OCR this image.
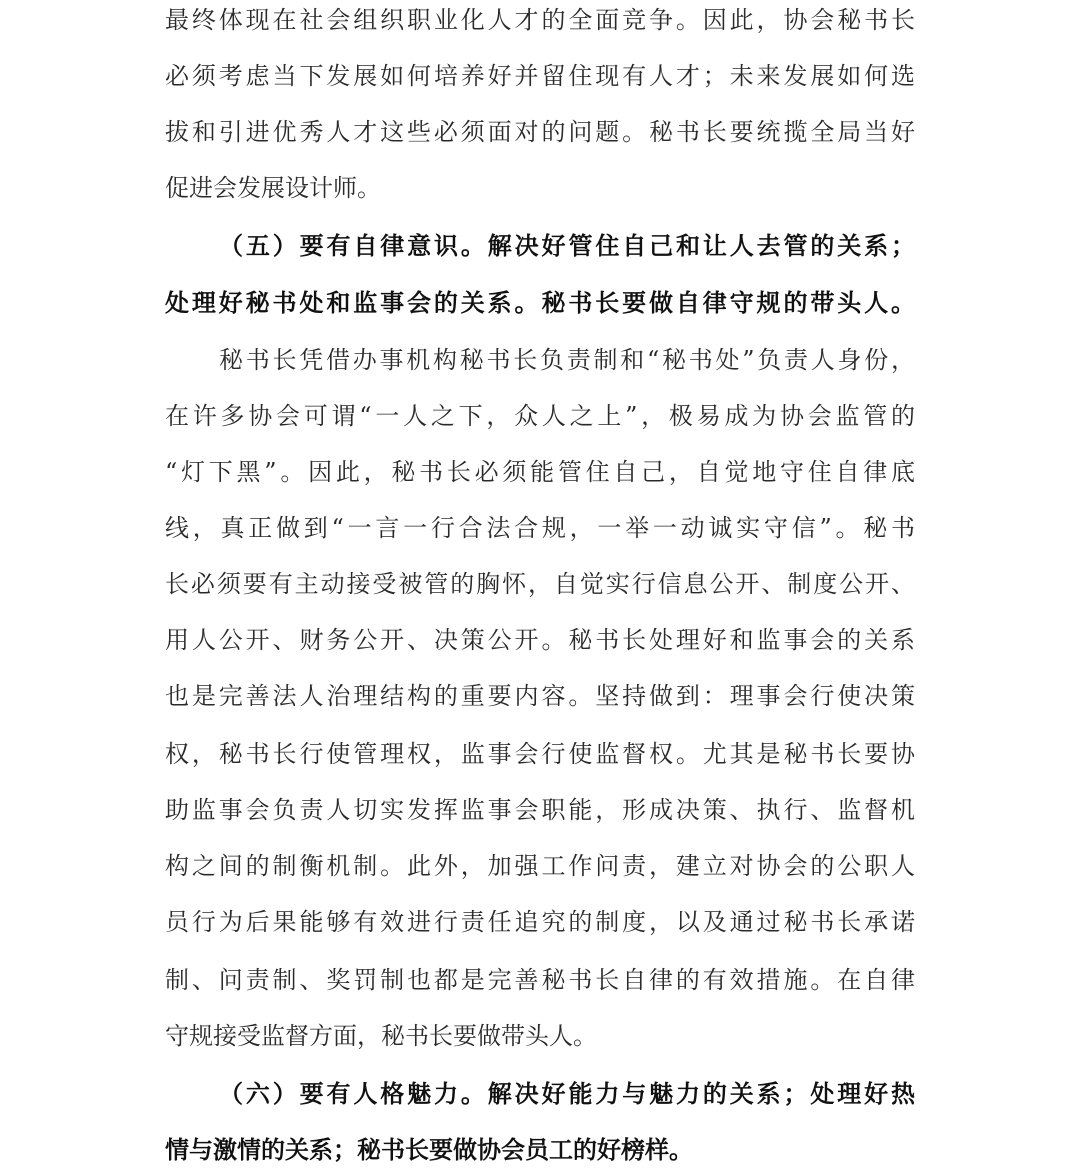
最终体现在社会组织职业化人才的全面竞争。因此，协会秘书长
必须考虑当下发展如何培养好并留住现有人才；未来发展如何选
拔和引进优秀人才这些必须面对的问题。秘书长要统揽全局当好
促进会发展设计师。
（五）要有自律意识。解决好管住自己和让人去管的关系；
处理好秘书处和监事会的关系。秘书长要做自律守规的带头人。
秘书长凭借办事机构秘书长负责制和“秘书处”负责人身份，
在许多协会可谓“一人之下，众人之上”，极易成为协会监管的
“灯下黑”。因此，秘书长必须能管住自己，自觉地守住自律底
线，真正做到“一言一行合法合规，一举一动诚实守信”。秘书
长必须要有主动接受被管的胸怀，自觉实行信息公开、制度公开、
用人公开、财务公开、决策公开。秘书长处理好和监事会的关系
也是完善法人治理结构的重要内容。坚持做到：理事会行使决策
权，秘书长行使管理权，监事会行使监督权。尤其是秘书长要协
助监事会负责人切实发挥监事会职能，形成决策、执行、监督机
构之间的制衡机制。此外，加强工作问责，建立对协会的公职人
员行为后果能够有效进行责任追究的制度，以及通过秘书长承诺
制、问责制、奖罚制也都是完善秘书长自律的有效措施。在自律
守规接受监督方面，秘书长要做带头人。
（六）要有人格魅力。解决好能力与魅力的关系；处理好热
情与激情的关系；秘书长要做协会员工的好榜样。
